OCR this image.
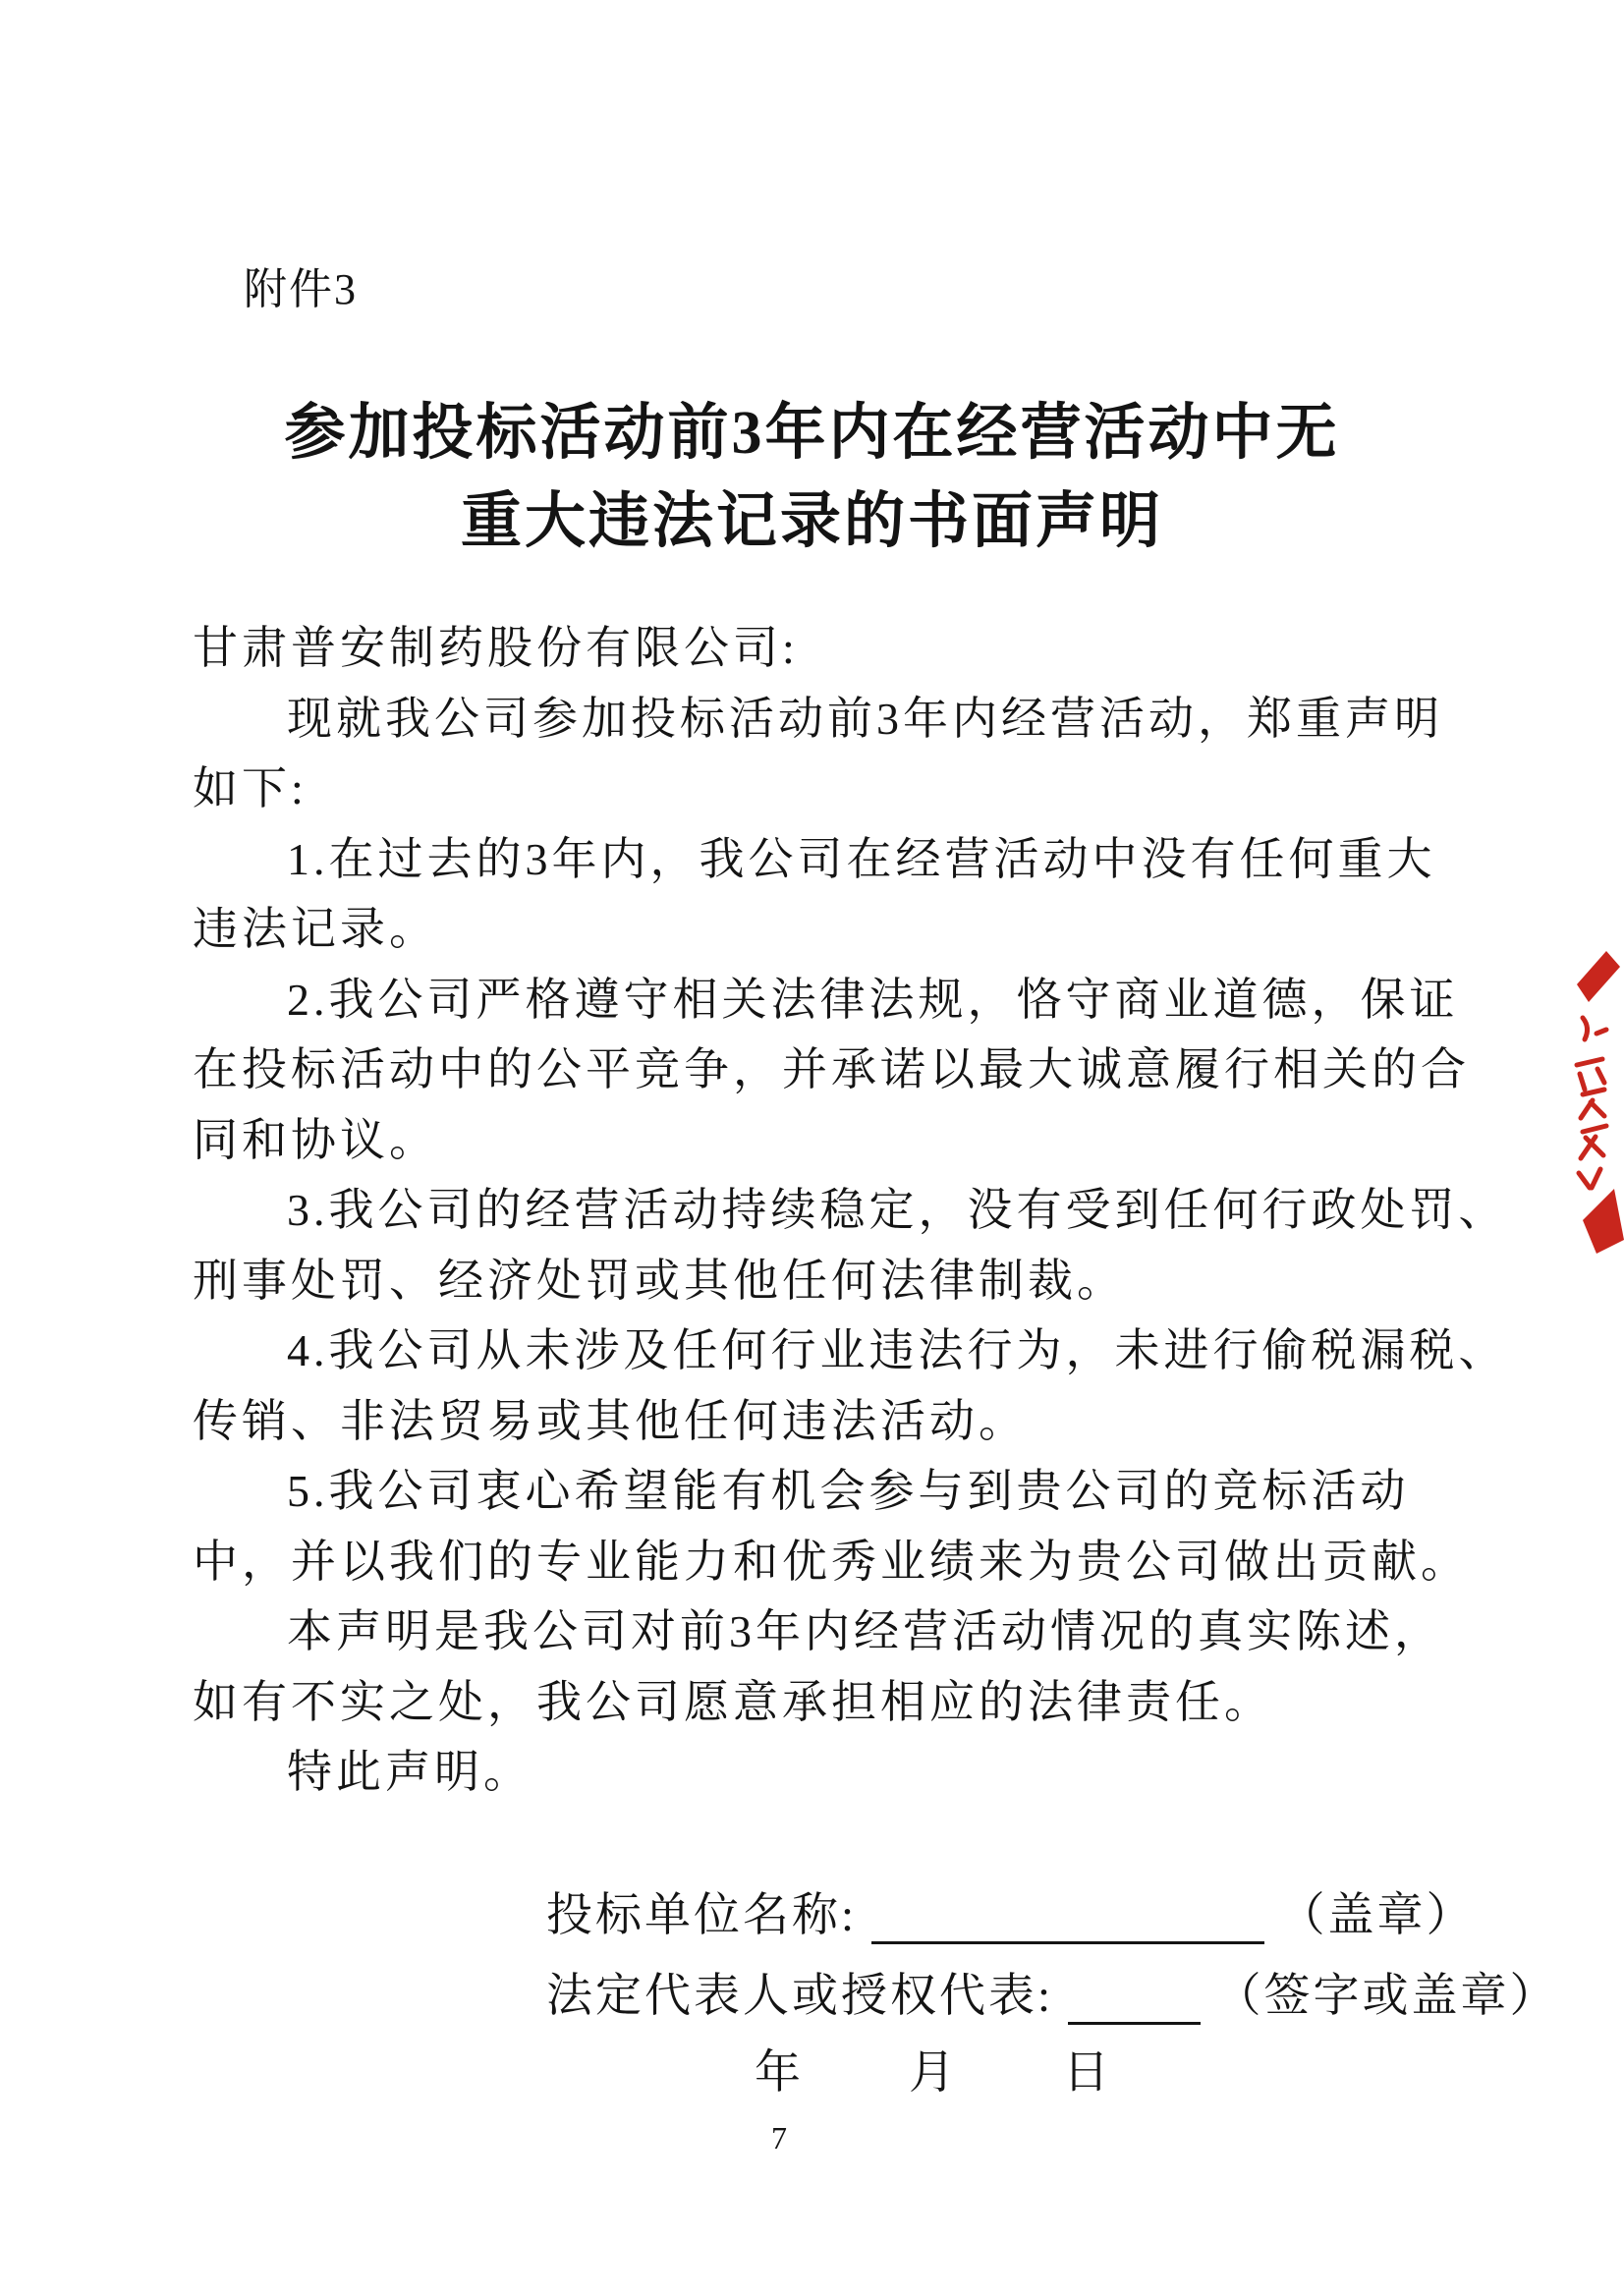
附件3
参加投标活动前3年内在经营活动中无
重大违法记录的书面声明
甘肃普安制药股份有限公司:
现就我公司参加投标活动前3年内经营活动，郑重声明
如下:
1.在过去的3年内，我公司在经营活动中没有任何重大
违法记录。
2.我公司严格遵守相关法律法规，恪守商业道德，保证
在投标活动中的公平竞争，并承诺以最大诚意履行相关的合
同和协议。
3.我公司的经营活动持续稳定，没有受到任何行政处罚、
刑事处罚、经济处罚或其他任何法律制裁。
4.我公司从未涉及任何行业违法行为，未进行偷税漏税、
传销、非法贸易或其他任何违法活动。
5.我公司衷心希望能有机会参与到贵公司的竞标活动
中，并以我们的专业能力和优秀业绩来为贵公司做出贡献。
本声明是我公司对前3年内经营活动情况的真实陈述，
如有不实之处，我公司愿意承担相应的法律责任。
特此声明。
投标单位名称:	（盖章）
法定代表人或授权代表:	（签字或盖章）
年 月 日
7
